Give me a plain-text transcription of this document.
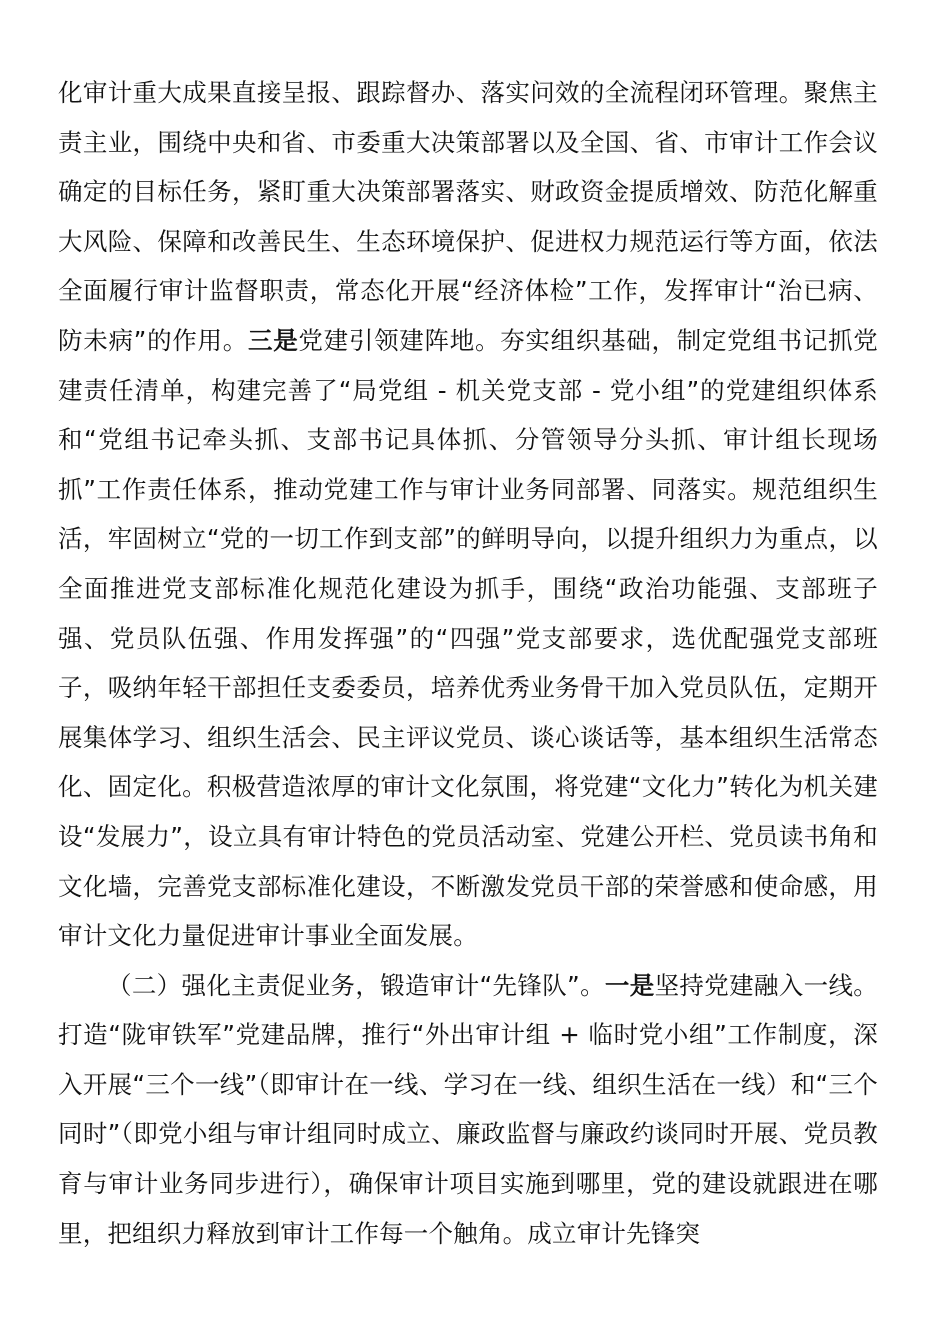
化审计重大成果直接呈报、跟踪督办、落实问效的全流程闭环管理。聚焦主责主业，围绕中央和省、市委重大决策部署以及全国、省、市审计工作会议确定的目标任务，紧盯重大决策部署落实、财政资金提质增效、防范化解重大风险、保障和改善民生、生态环境保护、促进权力规范运行等方面，依法全面履行审计监督职责，常态化开展“经济体检”工作，发挥审计“治已病、防未病”的作用。三是党建引领建阵地。夯实组织基础，制定党组书记抓党建责任清单，构建完善了“局党组 - 机关党支部 - 党小组”的党建组织体系和“党组书记牵头抓、支部书记具体抓、分管领导分头抓、审计组长现场抓”工作责任体系，推动党建工作与审计业务同部署、同落实。规范组织生活，牢固树立“党的一切工作到支部”的鲜明导向，以提升组织力为重点，以全面推进党支部标准化规范化建设为抓手，围绕“政治功能强、支部班子强、党员队伍强、作用发挥强”的“四强”党支部要求，选优配强党支部班子，吸纳年轻干部担任支委委员，培养优秀业务骨干加入党员队伍，定期开展集体学习、组织生活会、民主评议党员、谈心谈话等，基本组织生活常态化、固定化。积极营造浓厚的审计文化氛围，将党建“文化力”转化为机关建设“发展力”，设立具有审计特色的党员活动室、党建公开栏、党员读书角和文化墙，完善党支部标准化建设，不断激发党员干部的荣誉感和使命感，用审计文化力量促进审计事业全面发展。

（二）强化主责促业务，锻造审计“先锋队”。一是坚持党建融入一线。打造“陇审铁军”党建品牌，推行“外出审计组 + 临时党小组”工作制度，深入开展“三个一线”（即审计在一线、学习在一线、组织生活在一线）和“三个同时”（即党小组与审计组同时成立、廉政监督与廉政约谈同时开展、党员教育与审计业务同步进行），确保审计项目实施到哪里，党的建设就跟进在哪里，把组织力释放到审计工作每一个触角。成立审计先锋突
